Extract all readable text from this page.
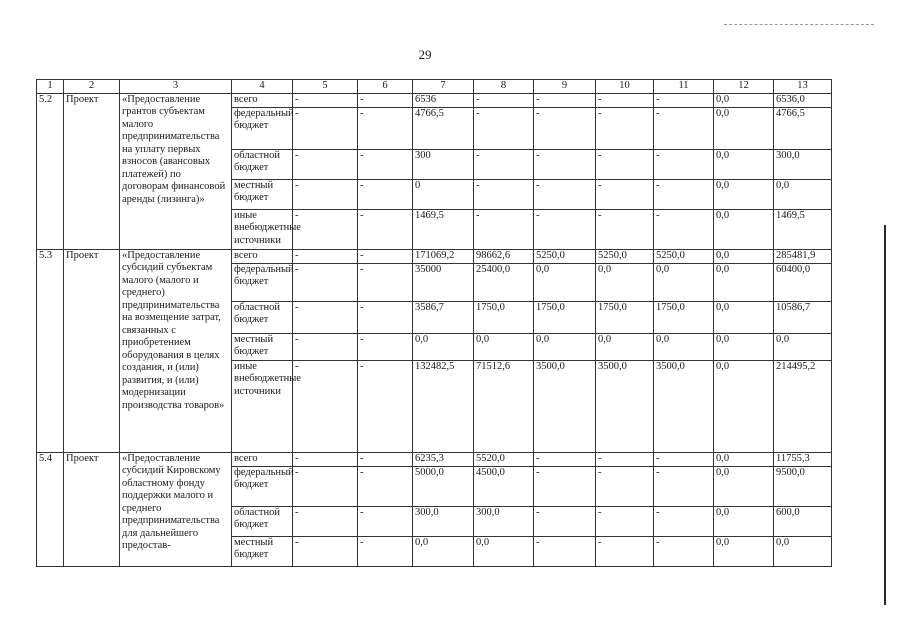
29
1	2	3	4	5	6	7	8	9	10	11	12	13
5.2	Проект	«Предоставление грантов субъектам малого предпринимательства на уплату первых взносов (авансовых платежей) по договорам финансовой аренды (лизинга)»	всего	-	-	6536	-	-	-	-	0,0	6536,0
			федеральный бюджет	-	-	4766,5	-	-	-	-	0,0	4766,5
			областной бюджет	-	-	300	-	-	-	-	0,0	300,0
			местный бюджет	-	-	0	-	-	-	-	0,0	0,0
			иные внебюджетные источники	-	-	1469,5	-	-	-	-	0,0	1469,5
5.3	Проект	«Предоставление субсидий субъектам малого (малого и среднего) предпринимательства на возмещение затрат, связанных с приобретением оборудования в целях создания, и (или) развития, и (или) модернизации производства товаров»	всего	-	-	171069,2	98662,6	5250,0	5250,0	5250,0	0,0	285481,9
			федеральный бюджет	-	-	35000	25400,0	0,0	0,0	0,0	0,0	60400,0
			областной бюджет	-	-	3586,7	1750,0	1750,0	1750,0	1750,0	0,0	10586,7
			местный бюджет	-	-	0,0	0,0	0,0	0,0	0,0	0,0	0,0
			иные внебюджетные источники	-	-	132482,5	71512,6	3500,0	3500,0	3500,0	0,0	214495,2
5.4	Проект	«Предоставление субсидий Кировскому областному фонду поддержки малого и среднего предпринимательства для дальнейшего предостав-	всего	-	-	6235,3	5520,0	-	-	-	0,0	11755,3
			федеральный бюджет	-	-	5000,0	4500,0	-	-	-	0,0	9500,0
			областной бюджет	-	-	300,0	300,0	-	-	-	0,0	600,0
			местный бюджет	-	-	0,0	0,0	-	-	-	0,0	0,0
